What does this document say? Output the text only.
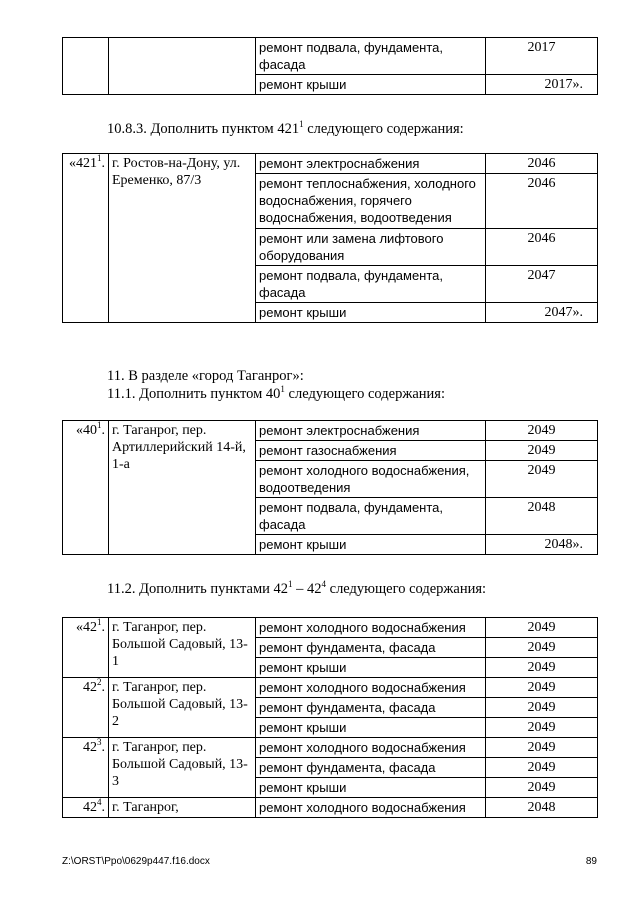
		ремонт подвала, фундамента, фасада	2017
		ремонт крыши	2017».
10.8.3. Дополнить пунктом $421^1$ следующего содержания:
«$421^1$.	г. Ростов-на-Дону, ул. Еременко, 87/3	ремонт электроснабжения	2046
		ремонт теплоснабжения, холодного водоснабжения, горячего водоснабжения, водоотведения	2046
		ремонт или замена лифтового оборудования	2046
		ремонт подвала, фундамента, фасада	2047
		ремонт крыши	2047».
11. В разделе «город Таганрог»:
11.1. Дополнить пунктом $40^1$ следующего содержания:
«$40^1$.	г. Таганрог, пер. Артиллерийский 14-й, 1-а	ремонт электроснабжения	2049
		ремонт газоснабжения	2049
		ремонт холодного водоснабжения, водоотведения	2049
		ремонт подвала, фундамента, фасада	2048
		ремонт крыши	2048».
11.2. Дополнить пунктами $42^1 - 42^4$ следующего содержания:
«$42^1$.	г. Таганрог, пер. Большой Садовый, 13-1	ремонт холодного водоснабжения	2049
		ремонт фундамента, фасада	2049
		ремонт крыши	2049
$42^2$.	г. Таганрог, пер. Большой Садовый, 13-2	ремонт холодного водоснабжения	2049
		ремонт фундамента, фасада	2049
		ремонт крыши	2049
$42^3$.	г. Таганрог, пер. Большой Садовый, 13-3	ремонт холодного водоснабжения	2049
		ремонт фундамента, фасада	2049
		ремонт крыши	2049
$42^4$.	г. Таганрог,	ремонт холодного водоснабжения	2048
Z:\ORST\Ppo\0629p447.f16.docx	89
